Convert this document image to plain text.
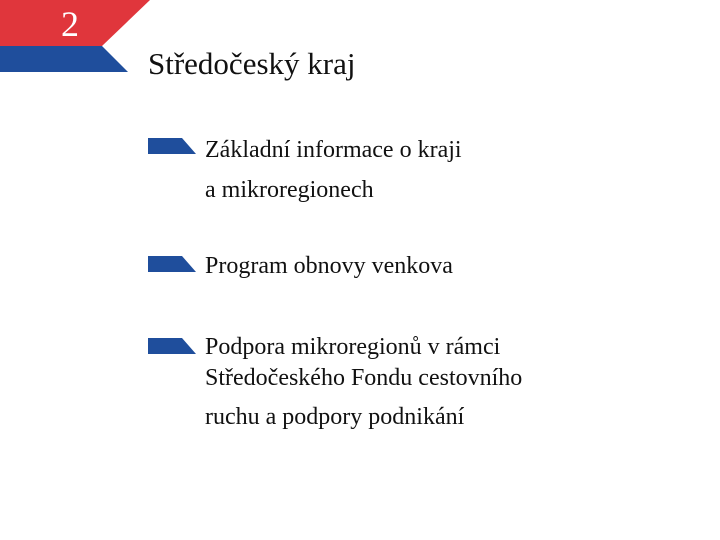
2
Středočeský kraj
Základní informace o kraji
a mikroregionech
Program obnovy venkova
Podpora mikroregionů v rámci
Středočeského Fondu cestovního
ruchu a podpory podnikání
